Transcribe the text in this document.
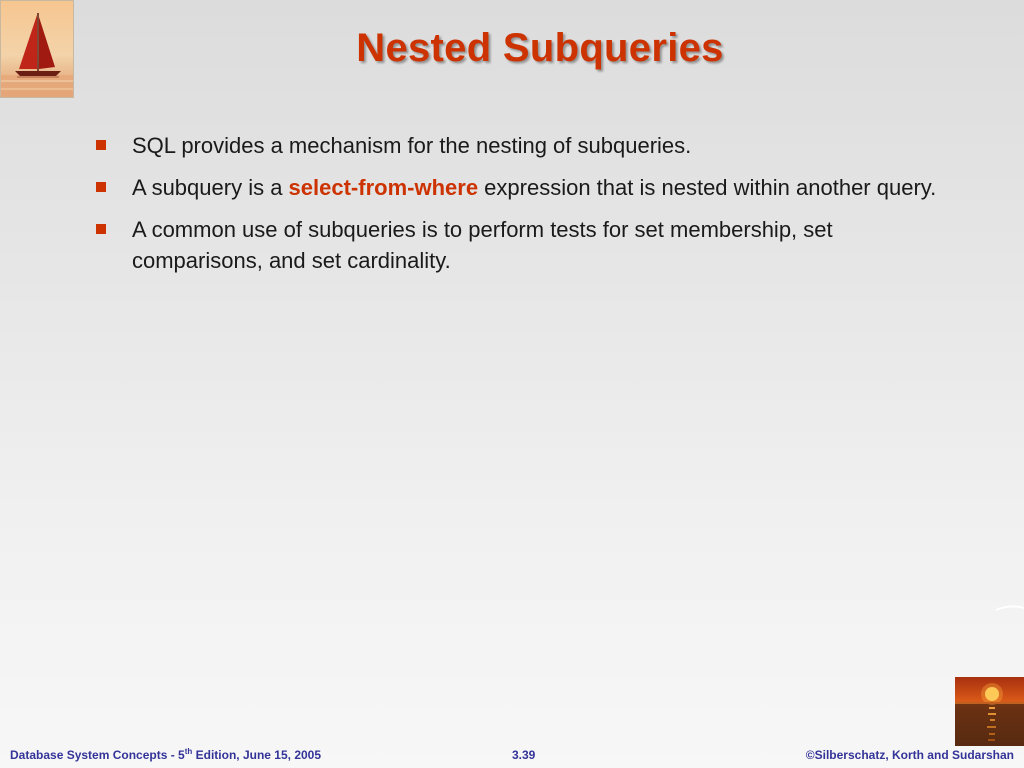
Nested Subqueries
SQL provides a mechanism for the nesting of subqueries.
A subquery is a select-from-where expression that is nested within another query.
A common use of subqueries is to perform tests for set membership, set comparisons, and set cardinality.
Database System Concepts - 5th Edition, June 15, 2005	3.39	©Silberschatz, Korth and Sudarshan
